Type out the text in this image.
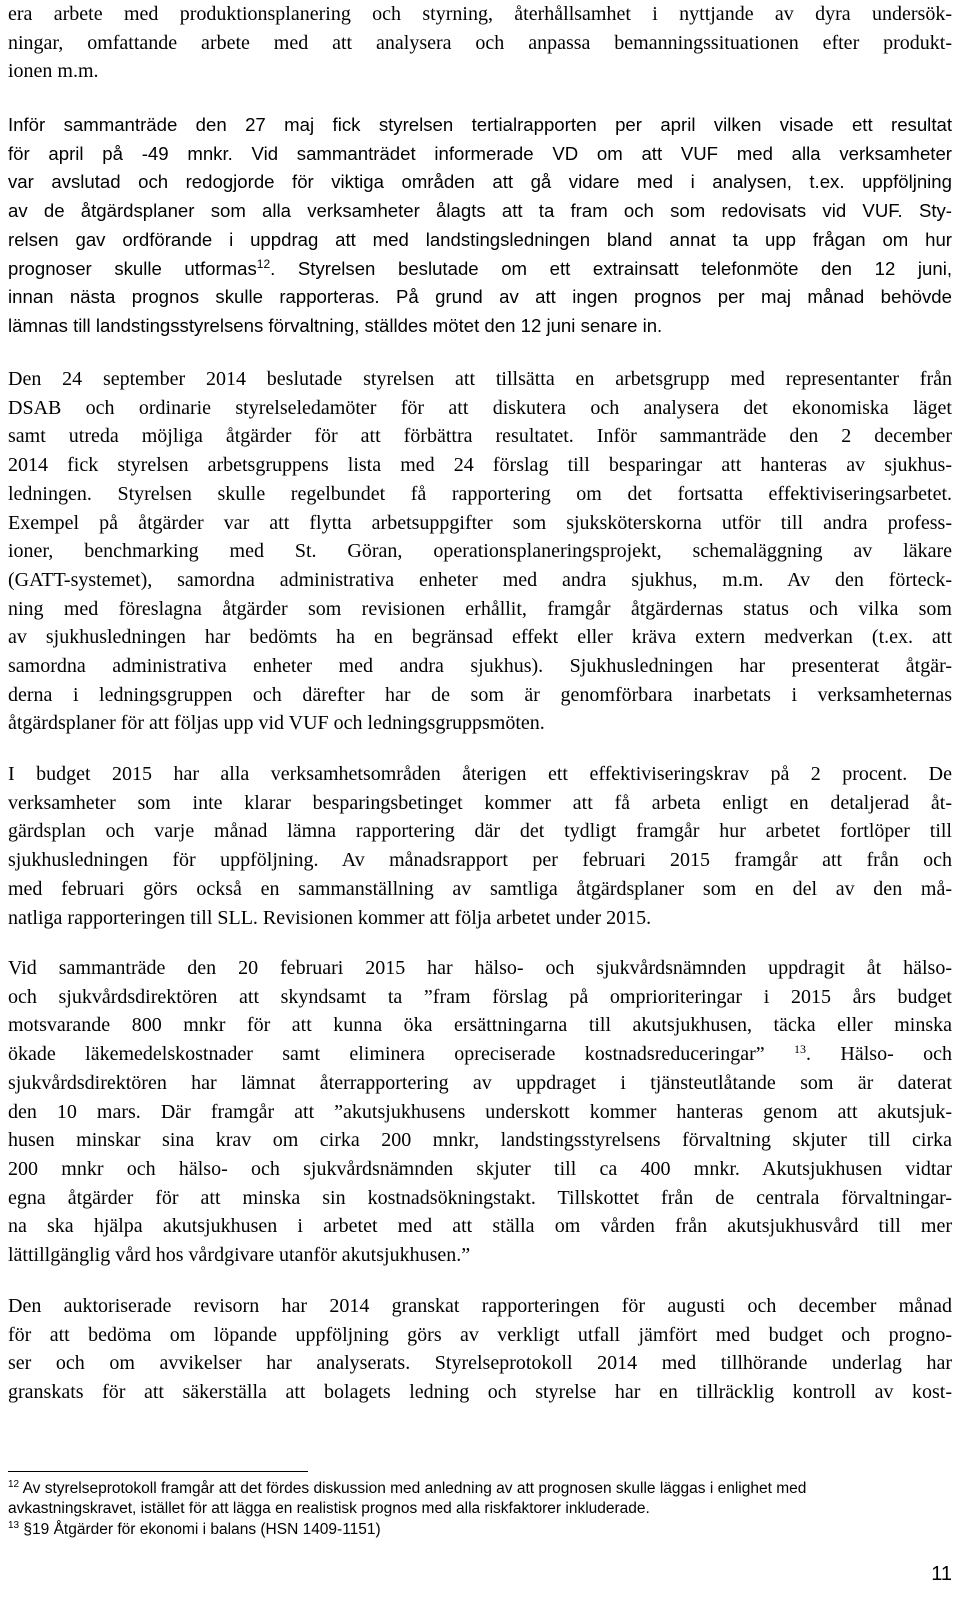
era arbete med produktionsplanering och styrning, återhållsamhet i nyttjande av dyra undersök-
ningar, omfattande arbete med att analysera och anpassa bemanningssituationen efter produkt-
ionen m.m.

Inför sammanträde den 27 maj fick styrelsen tertialrapporten per april vilken visade ett resultat
för april på -49 mnkr. Vid sammanträdet informerade VD om att VUF med alla verksamheter
var avslutad och redogjorde för viktiga områden att gå vidare med i analysen, t.ex. uppföljning
av de åtgärdsplaner som alla verksamheter ålagts att ta fram och som redovisats vid VUF. Sty-
relsen gav ordförande i uppdrag att med landstingsledningen bland annat ta upp frågan om hur
prognoser skulle utformas$^{12}$. Styrelsen beslutade om ett extrainsatt telefonmöte den 12 juni,
innan nästa prognos skulle rapporteras. På grund av att ingen prognos per maj månad behövde
lämnas till landstingsstyrelsens förvaltning, ställdes mötet den 12 juni senare in.

Den 24 september 2014 beslutade styrelsen att tillsätta en arbetsgrupp med representanter från
DSAB och ordinarie styrelseledamöter för att diskutera och analysera det ekonomiska läget
samt utreda möjliga åtgärder för att förbättra resultatet. Inför sammanträde den 2 december
2014 fick styrelsen arbetsgruppens lista med 24 förslag till besparingar att hanteras av sjukhus-
ledningen. Styrelsen skulle regelbundet få rapportering om det fortsatta effektiviseringsarbetet.
Exempel på åtgärder var att flytta arbetsuppgifter som sjuksköterskorna utför till andra profess-
ioner, benchmarking med St. Göran, operationsplaneringsprojekt, schemaläggning av läkare
(GATT-systemet), samordna administrativa enheter med andra sjukhus, m.m. Av den förteck-
ning med föreslagna åtgärder som revisionen erhållit, framgår åtgärdernas status och vilka som
av sjukhusledningen har bedömts ha en begränsad effekt eller kräva extern medverkan (t.ex. att
samordna administrativa enheter med andra sjukhus). Sjukhusledningen har presenterat åtgär-
derna i ledningsgruppen och därefter har de som är genomförbara inarbetats i verksamheternas
åtgärdsplaner för att följas upp vid VUF och ledningsgruppsmöten.

I budget 2015 har alla verksamhetsområden återigen ett effektiviseringskrav på 2 procent. De
verksamheter som inte klarar besparingsbetinget kommer att få arbeta enligt en detaljerad åt-
gärdsplan och varje månad lämna rapportering där det tydligt framgår hur arbetet fortlöper till
sjukhusledningen för uppföljning. Av månadsrapport per februari 2015 framgår att från och
med februari görs också en sammanställning av samtliga åtgärdsplaner som en del av den må-
natliga rapporteringen till SLL. Revisionen kommer att följa arbetet under 2015.

Vid sammanträde den 20 februari 2015 har hälso- och sjukvårdsnämnden uppdragit åt hälso-
och sjukvårdsdirektören att skyndsamt ta ”fram förslag på omprioriteringar i 2015 års budget
motsvarande 800 mnkr för att kunna öka ersättningarna till akutsjukhusen, täcka eller minska
ökade läkemedelskostnader samt eliminera opreciserade kostnadsreduceringar” $^{13}$. Hälso- och
sjukvårdsdirektören har lämnat återrapportering av uppdraget i tjänsteutlåtande som är daterat
den 10 mars. Där framgår att ”akutsjukhusens underskott kommer hanteras genom att akutsjuk-
husen minskar sina krav om cirka 200 mnkr, landstingsstyrelsens förvaltning skjuter till cirka
200 mnkr och hälso- och sjukvårdsnämnden skjuter till ca 400 mnkr. Akutsjukhusen vidtar
egna åtgärder för att minska sin kostnadsökningstakt. Tillskottet från de centrala förvaltningar-
na ska hjälpa akutsjukhusen i arbetet med att ställa om vården från akutsjukhusvård till mer
lättillgänglig vård hos vårdgivare utanför akutsjukhusen.”

Den auktoriserade revisorn har 2014 granskat rapporteringen för augusti och december månad
för att bedöma om löpande uppföljning görs av verkligt utfall jämfört med budget och progno-
ser och om avvikelser har analyserats. Styrelseprotokoll 2014 med tillhörande underlag har
granskats för att säkerställa att bolagets ledning och styrelse har en tillräcklig kontroll av kost-

$^{12}$ Av styrelseprotokoll framgår att det fördes diskussion med anledning av att prognosen skulle läggas i enlighet med
avkastningskravet, istället för att lägga en realistisk prognos med alla riskfaktorer inkluderade.

$^{13}$ §19 Åtgärder för ekonomi i balans (HSN 1409-1151)

11
